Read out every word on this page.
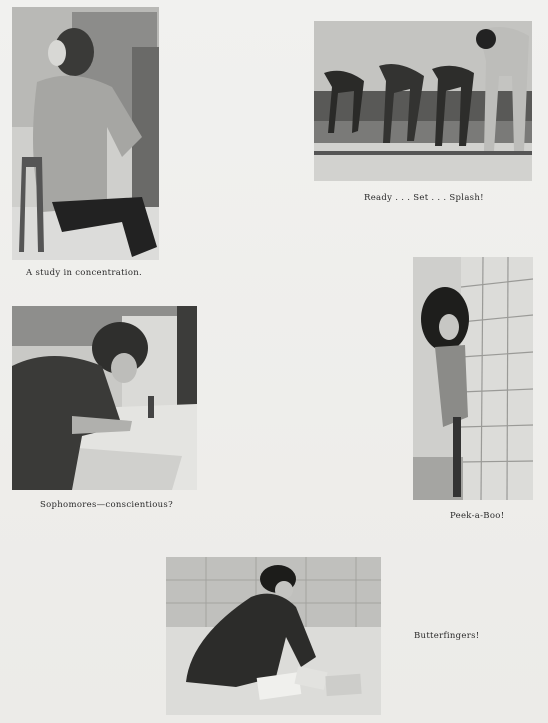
A study in concentration.
Ready . . . Set . . . Splash!
Sophomores—conscientious?
Peek-a-Boo!
Butterfingers!
